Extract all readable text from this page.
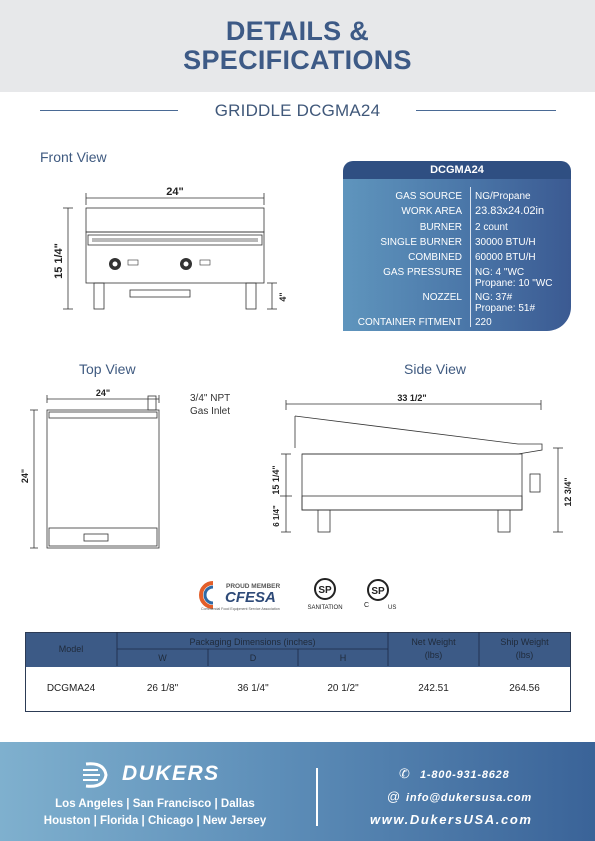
DETAILS &
SPECIFICATIONS
GRIDDLE DCGMA24
Front View
24"
15 1/4"
4"
DCGMA24
GAS SOURCE NG/Propane
WORK AREA 23.83x24.02in
BURNER 2 count
SINGLE BURNER 30000 BTU/H
COMBINED 60000 BTU/H
GAS PRESSURE NG: 4 "WC
Propane: 10 "WC
NOZZEL NG: 37#
Propane: 51#
CONTAINER FITMENT 220
Top View
24"
24"
3/4" NPT
Gas Inlet
Side View
33 1/2"
15 1/4"
6 1/4"
12 3/4"
PROUD MEMBER
CFESA
Commercial Food Equipment Service Association
SP
SANITATION
SP
C	US
Model
Packaging Dimensions (inches)
W	D	H
Net Weight
(lbs)
Ship Weight
(lbs)
DCGMA24	26 1/8"	36 1/4"	20 1/2"	242.51	264.56
DUKERS
Los Angeles | San Francisco | Dallas
Houston | Florida | Chicago | New Jersey
✆ 1-800-931-8628
@ info@dukersusa.com
www.DukersUSA.com
